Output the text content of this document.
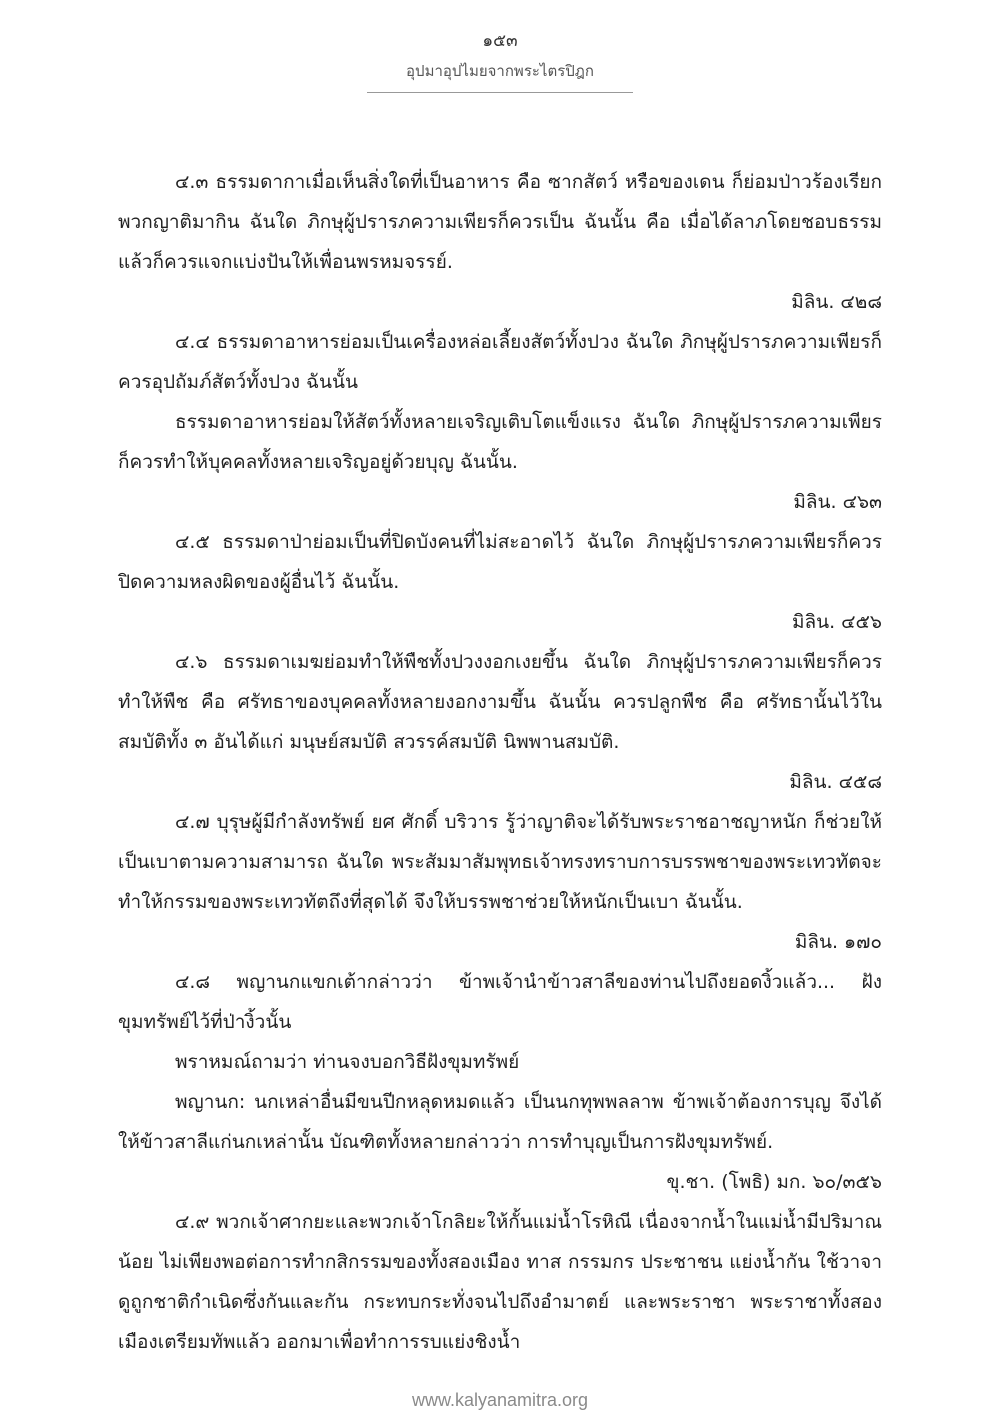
๑๕๓
อุปมาอุปไมยจากพระไตรปิฎก

๔.๓ ธรรมดากาเมื่อเห็นสิ่งใดที่เป็นอาหาร คือ ซากสัตว์ หรือของเดน ก็ย่อมป่าวร้องเรียกพวกญาติมากิน ฉันใด ภิกษุผู้ปรารภความเพียรก็ควรเป็น ฉันนั้น คือ เมื่อได้ลาภโดยชอบธรรมแล้วก็ควรแจกแบ่งปันให้เพื่อนพรหมจรรย์.

มิลิน. ๔๒๘

๔.๔ ธรรมดาอาหารย่อมเป็นเครื่องหล่อเลี้ยงสัตว์ทั้งปวง ฉันใด ภิกษุผู้ปรารภความเพียรก็ควรอุปถัมภ์สัตว์ทั้งปวง ฉันนั้น

ธรรมดาอาหารย่อมให้สัตว์ทั้งหลายเจริญเติบโตแข็งแรง ฉันใด ภิกษุผู้ปรารภความเพียรก็ควรทำให้บุคคลทั้งหลายเจริญอยู่ด้วยบุญ ฉันนั้น.

มิลิน. ๔๖๓

๔.๕ ธรรมดาป่าย่อมเป็นที่ปิดบังคนที่ไม่สะอาดไว้ ฉันใด ภิกษุผู้ปรารภความเพียรก็ควรปิดความหลงผิดของผู้อื่นไว้ ฉันนั้น.

มิลิน. ๔๕๖

๔.๖ ธรรมดาเมฆย่อมทำให้พืชทั้งปวงงอกเงยขึ้น ฉันใด ภิกษุผู้ปรารภความเพียรก็ควรทำให้พืช คือ ศรัทธาของบุคคลทั้งหลายงอกงามขึ้น ฉันนั้น ควรปลูกพืช คือ ศรัทธานั้นไว้ในสมบัติทั้ง ๓ อันได้แก่ มนุษย์สมบัติ สวรรค์สมบัติ นิพพานสมบัติ.

มิลิน. ๔๕๘

๔.๗ บุรุษผู้มีกำลังทรัพย์ ยศ ศักดิ์ บริวาร รู้ว่าญาติจะได้รับพระราชอาชญาหนัก ก็ช่วยให้เป็นเบาตามความสามารถ ฉันใด พระสัมมาสัมพุทธเจ้าทรงทราบการบรรพชาของพระเทวทัตจะทำให้กรรมของพระเทวทัตถึงที่สุดได้ จึงให้บรรพชาช่วยให้หนักเป็นเบา ฉันนั้น.

มิลิน. ๑๗๐

๔.๘ พญานกแขกเต้ากล่าวว่า ข้าพเจ้านำข้าวสาลีของท่านไปถึงยอดงิ้วแล้ว... ฝังขุมทรัพย์ไว้ที่ป่างิ้วนั้น

พราหมณ์ถามว่า ท่านจงบอกวิธีฝังขุมทรัพย์

พญานก: นกเหล่าอื่นมีขนปีกหลุดหมดแล้ว เป็นนกทุพพลลาพ ข้าพเจ้าต้องการบุญ จึงได้ให้ข้าวสาลีแก่นกเหล่านั้น บัณฑิตทั้งหลายกล่าวว่า การทำบุญเป็นการฝังขุมทรัพย์.

ขุ.ชา. (โพธิ) มก. ๖๐/๓๕๖

๔.๙ พวกเจ้าศากยะและพวกเจ้าโกลิยะให้กั้นแม่น้ำโรหิณี เนื่องจากน้ำในแม่น้ำมีปริมาณน้อย ไม่เพียงพอต่อการทำกสิกรรมของทั้งสองเมือง ทาส กรรมกร ประชาชน แย่งน้ำกัน ใช้วาจาดูถูกชาติกำเนิดซึ่งกันและกัน กระทบกระทั่งจนไปถึงอำมาตย์ และพระราชา พระราชาทั้งสองเมืองเตรียมทัพแล้ว ออกมาเพื่อทำการรบแย่งชิงน้ำ

www.kalyanamitra.org
